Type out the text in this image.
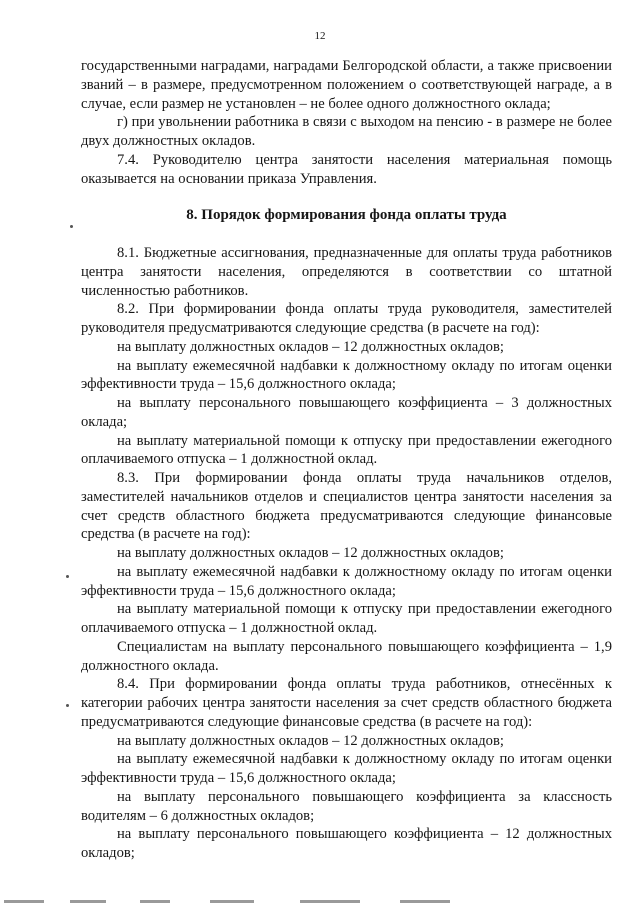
12

государственными наградами, наградами Белгородской области, а также присвоении званий – в размере, предусмотренном положением о соответствующей награде, а в случае, если размер не установлен – не более одного должностного оклада;

г) при увольнении работника в связи с выходом на пенсию - в размере не более двух должностных окладов.

7.4. Руководителю центра занятости населения материальная помощь оказывается на основании приказа Управления.

8. Порядок формирования фонда оплаты труда

8.1. Бюджетные ассигнования, предназначенные для оплаты труда работников центра занятости населения, определяются в соответствии со штатной численностью работников.

8.2. При формировании фонда оплаты труда руководителя, заместителей руководителя предусматриваются следующие средства (в расчете на год):

на выплату должностных окладов – 12 должностных окладов;

на выплату ежемесячной надбавки к должностному окладу по итогам оценки эффективности труда – 15,6 должностного оклада;

на выплату персонального повышающего коэффициента – 3 должностных оклада;

на выплату материальной помощи к отпуску при предоставлении ежегодного оплачиваемого отпуска – 1 должностной оклад.

8.3. При формировании фонда оплаты труда начальников отделов, заместителей начальников отделов и специалистов центра занятости населения за счет средств областного бюджета предусматриваются следующие финансовые средства (в расчете на год):

на выплату должностных окладов – 12 должностных окладов;

на выплату ежемесячной надбавки к должностному окладу по итогам оценки эффективности труда – 15,6 должностного оклада;

на выплату материальной помощи к отпуску при предоставлении ежегодного оплачиваемого отпуска – 1 должностной оклад.

Специалистам на выплату персонального повышающего коэффициента – 1,9 должностного оклада.

8.4. При формировании фонда оплаты труда работников, отнесённых к категории рабочих центра занятости населения за счет средств областного бюджета предусматриваются следующие финансовые средства (в расчете на год):

на выплату должностных окладов – 12 должностных окладов;

на выплату ежемесячной надбавки к должностному окладу по итогам оценки эффективности труда – 15,6 должностного оклада;

на выплату персонального повышающего коэффициента за классность водителям – 6 должностных окладов;

на выплату персонального повышающего коэффициента – 12 должностных окладов;
